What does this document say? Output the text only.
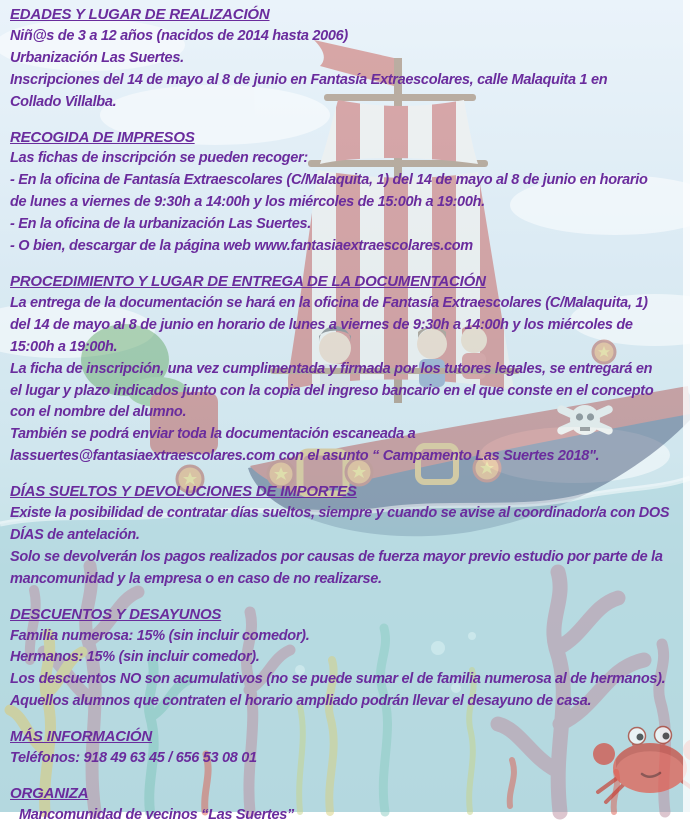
EDADES Y LUGAR DE REALIZACIÓN

Niñ@s de 3 a 12 años (nacidos de 2014 hasta 2006)

Urbanización Las Suertes.

Inscripciones del 14 de mayo al 8 de junio en Fantasía Extraescolares, calle Malaquita 1 en

Collado Villalba.

RECOGIDA DE IMPRESOS

Las fichas de inscripción se pueden recoger:

- En la oficina de Fantasía Extraescolares (C/Malaquita, 1) del 14 de mayo al 8 de junio en horario

de lunes a viernes de 9:30h a 14:00h y los miércoles de 15:00h a 19:00h.

- En la oficina de la urbanización Las Suertes.

- O bien, descargar de la página web www.fantasiaextraescolares.com

PROCEDIMIENTO Y LUGAR DE ENTREGA DE LA DOCUMENTACIÓN

La entrega de la documentación se hará en la oficina de Fantasía Extraescolares (C/Malaquita, 1)

del 14 de mayo al 8 de junio en horario de lunes a viernes de 9:30h a 14:00h y los miércoles de

15:00h a 19:00h.

La ficha de inscripción, una vez cumplimentada y firmada por los tutores legales, se entregará en

el lugar y plazo indicados junto con la copia del ingreso bancario en el que conste en el concepto

con el nombre del alumno.

También se podrá enviar toda la documentación escaneada a

lassuertes@fantasiaextraescolares.com con el asunto “ Campamento Las Suertes 2018".

DÍAS SUELTOS Y DEVOLUCIONES DE IMPORTES

Existe la posibilidad de contratar días sueltos, siempre y cuando se avise al coordinador/a con DOS

DÍAS de antelación.

Solo se devolverán los pagos realizados por causas de fuerza mayor previo estudio por parte de la

mancomunidad y la empresa o en caso de no realizarse.

DESCUENTOS Y DESAYUNOS

Familia numerosa: 15% (sin incluir comedor).

Hermanos: 15% (sin incluir comedor).

Los descuentos NO son acumulativos (no se puede sumar el de familia numerosa al de hermanos).

Aquellos alumnos que contraten el horario ampliado podrán llevar el desayuno de casa.

MÁS INFORMACIÓN

Teléfonos: 918 49 63 45 / 656 53 08 01

ORGANIZA

Mancomunidad de vecinos “Las Suertes”
